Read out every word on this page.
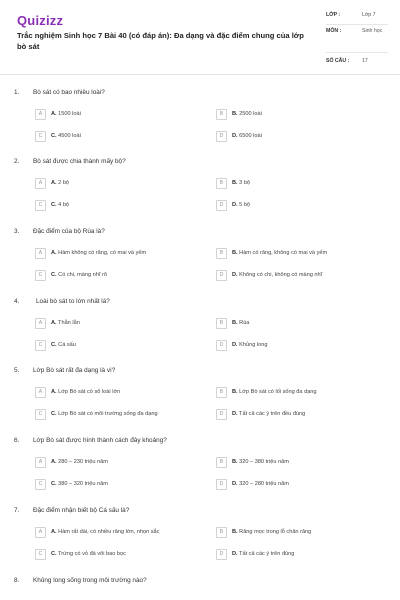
Quizizz
Trắc nghiệm Sinh học 7 Bài 40 (có đáp án): Đa dạng và đặc điểm chung của lớp bò sát
LỚP :	Lớp 7
MÔN :	Sinh học
SỐ CÂU : 17
1. Bò sát có bao nhiêu loài?
A	A. 1500 loài	B	B. 2500 loài
C	C. 4500 loài	D	D. 6500 loài
2. Bò sát được chia thành mấy bộ?
A	A. 2 bộ	B	B. 3 bộ
C	C. 4 bộ	D	D. 5 bộ
3. Đặc điểm của bộ Rùa là?
A	A. Hàm không có răng, có mai và yếm	B	B. Hàm có răng, không có mai và yếm
C	C. Có chi, màng nhĩ rõ	D	D. Không có chi, không có màng nhĩ
4.	Loài bò sát to lớn nhất là?
A	A. Thằn lằn	B	B. Rùa
C	C. Cá sấu	D	D. Khủng long
5. Lớp Bò sát rất đa dạng là vì?
A	A. Lớp Bò sát có số loài lớn	B	B. Lớp Bò sát có lối sống đa dạng
C	C. Lớp Bò sát có môi trường sống đa dạng	D	D. Tất cả các ý trên đều đúng
6. Lớp Bò sát được hình thành cách đây khoảng?
A	A. 280 – 230 triệu năm	B	B. 320 – 380 triệu năm
C	C. 380 – 320 triệu năm	D	D. 320 – 280 triệu năm
7. Đặc điểm nhận biết bộ Cá sấu là?
A	A. Hàm rất dài, có nhiều răng lớn, nhọn sắc	B	B. Răng mọc trong lỗ chân răng
C	C. Trứng có vỏ đá vôi bao bọc	D	D. Tất cả các ý trên đúng
8. Khủng long sống trong môi trường nào?
